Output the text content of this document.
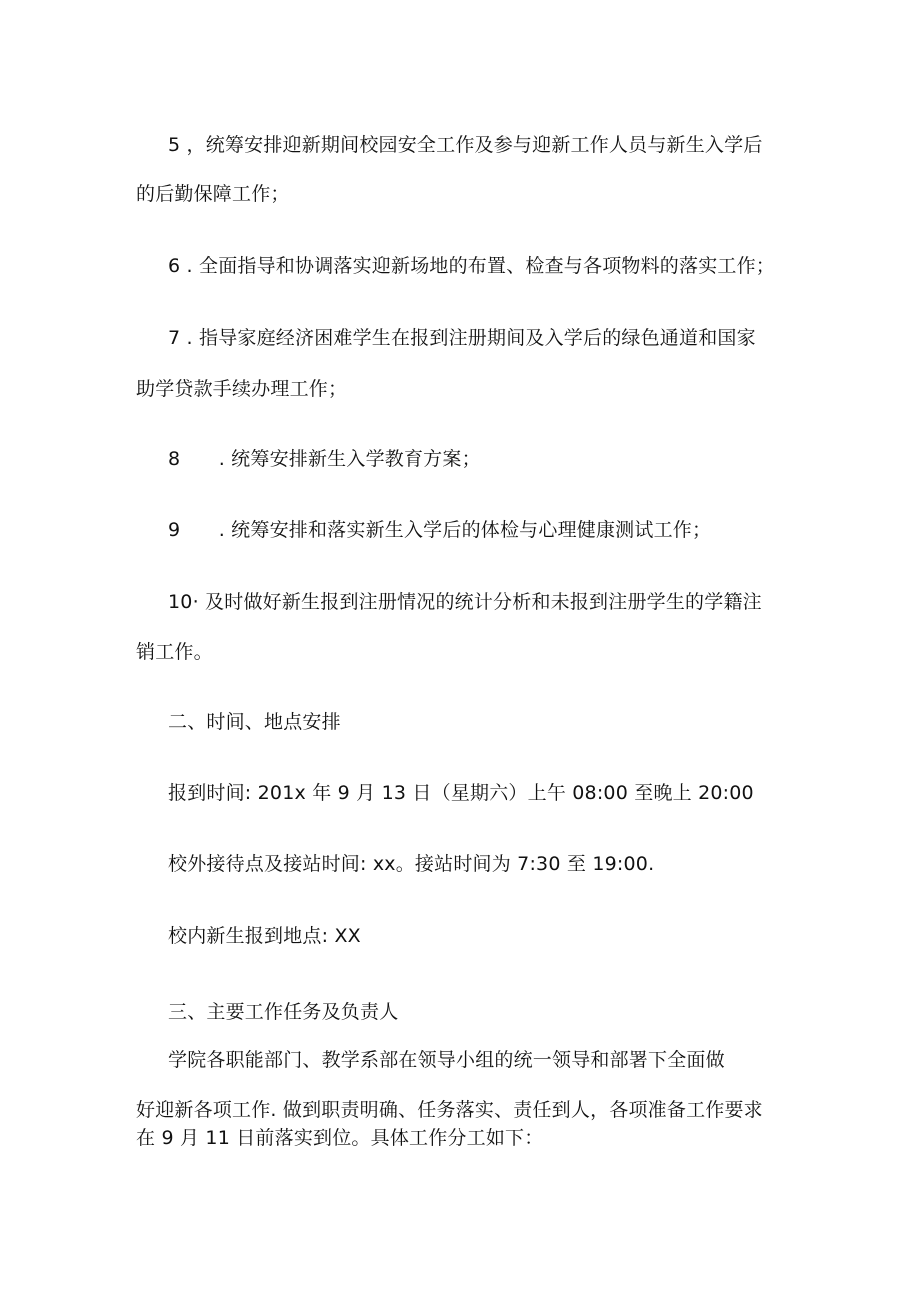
5 ，统筹安排迎新期间校园安全工作及参与迎新工作人员与新生入学后
的后勤保障工作；
6 . 全面指导和协调落实迎新场地的布置、检查与各项物料的落实工作；
7 . 指导家庭经济困难学生在报到注册期间及入学后的绿色通道和国家
助学贷款手续办理工作；
8　　. 统筹安排新生入学教育方案；
9　　. 统筹安排和落实新生入学后的体检与心理健康测试工作；
10· 及时做好新生报到注册情况的统计分析和未报到注册学生的学籍注
销工作。
二、时间、地点安排
报到时间: 201x 年 9 月 13 日（星期六）上午 08:00 至晚上 20:00
校外接待点及接站时间: xx。接站时间为 7:30 至 19:00.
校内新生报到地点: XX
三、主要工作任务及负责人
学院各职能部门、教学系部在领导小组的统一领导和部署下全面做
好迎新各项工作. 做到职责明确、任务落实、责任到人，各项准备工作要求
在 9 月 11 日前落实到位。具体工作分工如下：
